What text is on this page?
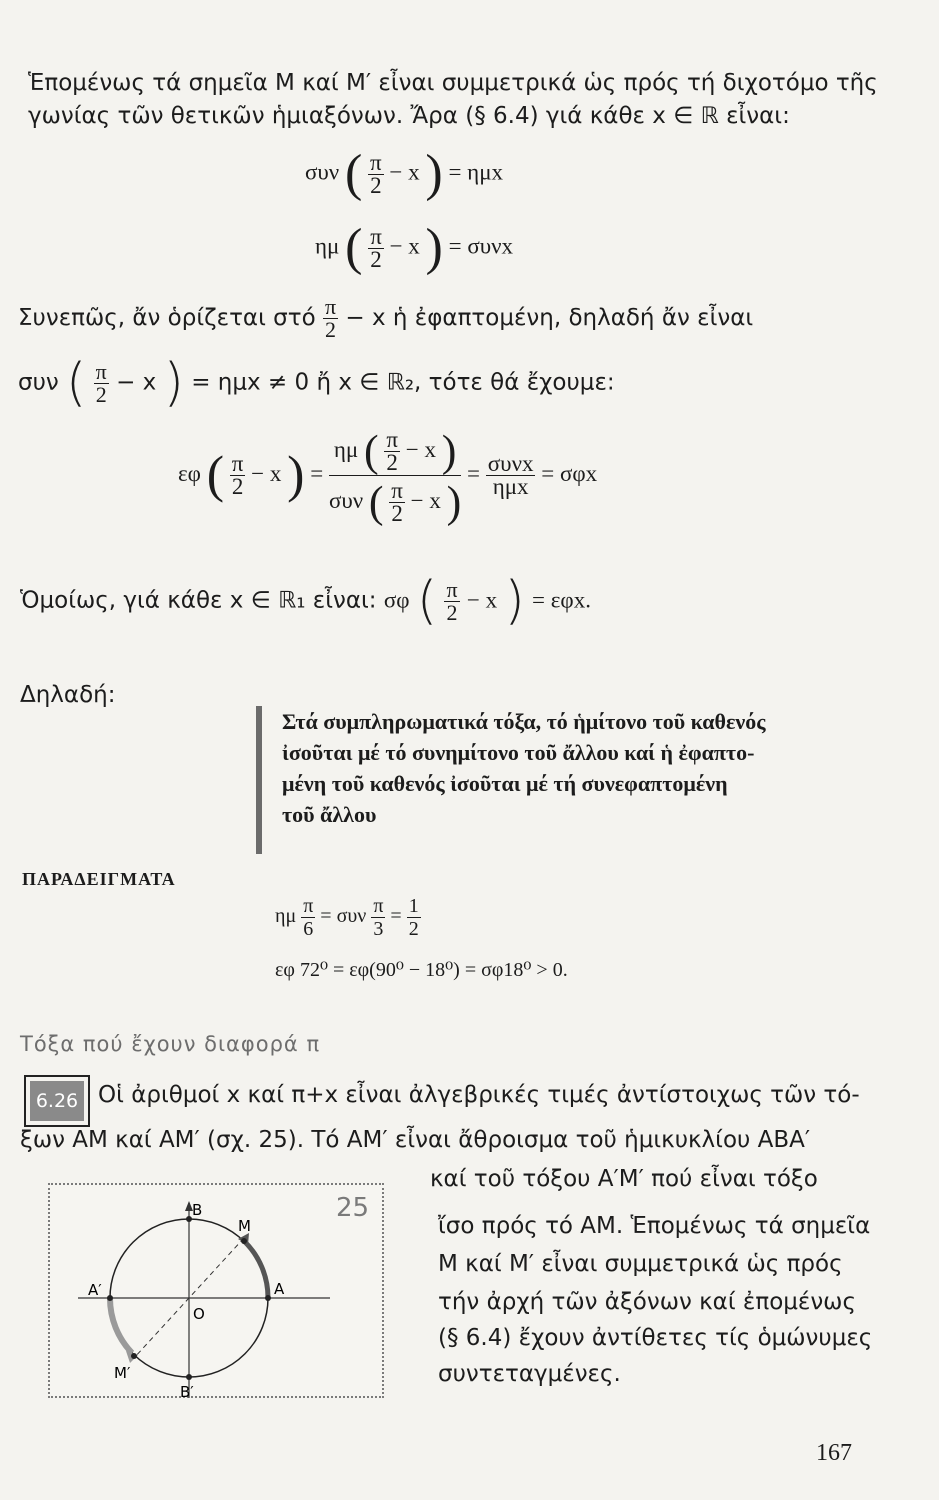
Ἑπομένως τά σημεῖα Μ καί Μ′ εἶναι συμμετρικά ὡς πρός τή διχοτόμο τῆς
γωνίας τῶν θετικῶν ἡμιαξόνων. Ἄρα (§ 6.4) γιά κάθε x ∈ ℝ εἶναι:
συν ( $\frac{\pi}{2} - x$ ) = ημx
ημ ( $\frac{\pi}{2} - x$ ) = συνx
Συνεπῶς, ἄν ὁρίζεται στό $\frac{\pi}{2} - x$ ἡ ἐφαπτομένη, δηλαδή ἄν εἶναι
συν ( $\frac{\pi}{2} - x$ ) = ημx ≠ 0 ἤ x ∈ ℝ₂, τότε θά ἔχουμε:
εφ ( $\frac{\pi}{2} - x$ ) = $\frac{\eta\mu ( \frac{\pi}{2} - x )}{\sigma\upsilon\nu ( \frac{\pi}{2} - x )} = \frac{\text{συνx}}{\text{ημx}} = \sigma\varphi x$
Ὁμοίως, γιά κάθε x ∈ ℝ₁ εἶναι: σφ ( $\frac{\pi}{2} - x$ ) = εφx.
Δηλαδή:
Στά συμπληρωματικά τόξα, τό ἡμίτονο τοῦ καθενός
ἰσοῦται μέ τό συνημίτονο τοῦ ἄλλου καί ἡ ἐφαπτο-
μένη τοῦ καθενός ἰσοῦται μέ τή συνεφαπτομένη
τοῦ ἄλλου
ΠΑΡΑΔΕΙΓΜΑΤΑ
ημ $\frac{\pi}{6} = \sigma\upsilon\nu \frac{\pi}{3} = \frac{1}{2}$
εφ 72⁰ = εφ(90⁰ − 18⁰) = σφ18⁰ > 0.
Τόξα πού ἔχουν διαφορά π
6.26 Οἱ ἀριθμοί x καί π+x εἶναι ἀλγεβρικές τιμές ἀντίστοιχως τῶν τό-
ξων AM καί AM′ (σχ. 25). Τό AM′ εἶναι ἄθροισμα τοῦ ἡμικυκλίου ABA′
καί τοῦ τόξου A′M′ πού εἶναι τόξο
ἴσο πρός τό AM. Ἑπομένως τά σημεῖα
Μ καί Μ′ εἶναι συμμετρικά ὡς πρός
τήν ἀρχή τῶν ἀξόνων καί ἐπομένως
(§ 6.4) ἔχουν ἀντίθετες τίς ὁμώνυμες
συντεταγμένες.
25
B
M
A′	A
O
M′
B′
167
